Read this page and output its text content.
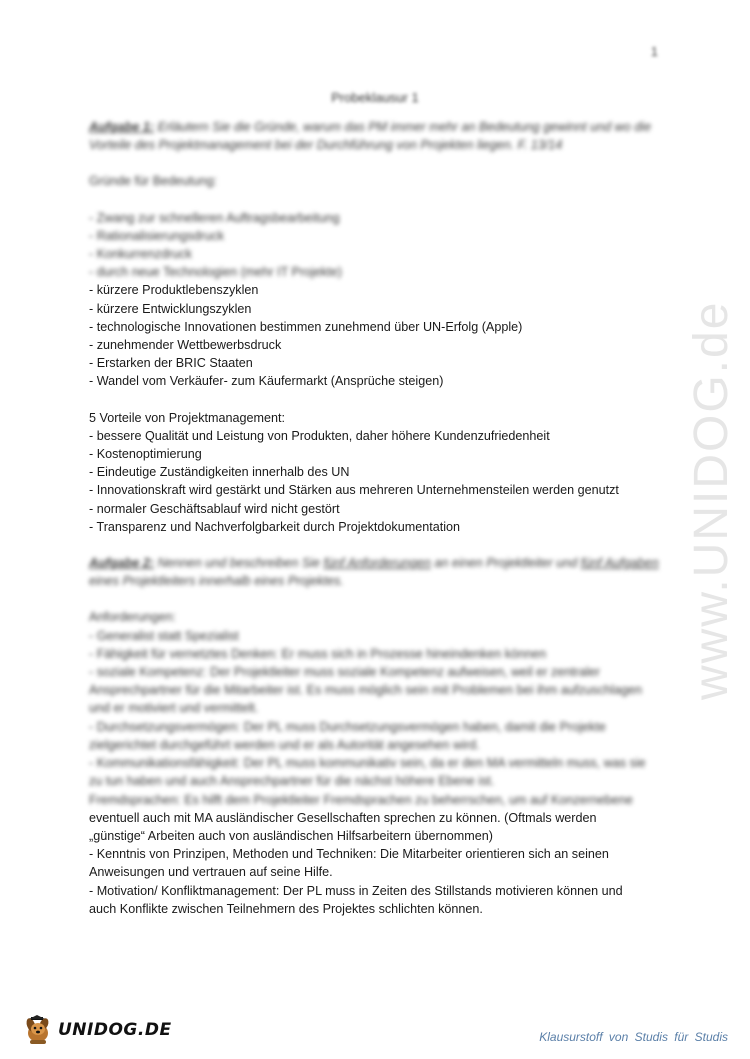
1
Probeklausur 1

Aufgabe 1: Erläutern Sie die Gründe, warum das PM immer mehr an Bedeutung gewinnt und wo die

Vorteile des Projektmanagement bei der Durchführung von Projekten liegen. F. 13/14

Gründe für Bedeutung:

- Zwang zur schnelleren Auftragsbearbeitung

- Rationalisierungsdruck

- Konkurrenzdruck

- durch neue Technologien (mehr IT Projekte)

- kürzere Produktlebenszyklen

- kürzere Entwicklungszyklen

- technologische Innovationen bestimmen zunehmend über UN-Erfolg (Apple)

- zunehmender Wettbewerbsdruck

- Erstarken der BRIC Staaten

- Wandel vom Verkäufer- zum Käufermarkt (Ansprüche steigen)

5 Vorteile von Projektmanagement:

- bessere Qualität und Leistung von Produkten, daher höhere Kundenzufriedenheit

- Kostenoptimierung

- Eindeutige Zuständigkeiten innerhalb des UN

- Innovationskraft wird gestärkt und Stärken aus mehreren Unternehmensteilen werden genutzt

- normaler Geschäftsablauf wird nicht gestört

- Transparenz und Nachverfolgbarkeit durch Projektdokumentation

Aufgabe 2: Nennen und beschreiben Sie fünf Anforderungen an einen Projektleiter und fünf Aufgaben

eines Projektleiters innerhalb eines Projektes.

Anforderungen:

- Generalist statt Spezialist

- Fähigkeit für vernetztes Denken: Er muss sich in Prozesse hineindenken können

- soziale Kompetenz: Der Projektleiter muss soziale Kompetenz aufweisen, weil er zentraler

Ansprechpartner für die Mitarbeiter ist. Es muss möglich sein mit Problemen bei ihm aufzuschlagen

und er motiviert und vermittelt.

- Durchsetzungsvermögen: Der PL muss Durchsetzungsvermögen haben, damit die Projekte

zielgerichtet durchgeführt werden und er als Autorität angesehen wird.

- Kommunikationsfähigkeit: Der PL muss kommunikativ sein, da er den MA vermitteln muss, was sie

zu tun haben und auch Ansprechpartner für die nächst höhere Ebene ist.

Fremdsprachen: Es hilft dem Projektleiter Fremdsprachen zu beherrschen, um auf Konzernebene

eventuell auch mit MA ausländischer Gesellschaften sprechen zu können. (Oftmals werden

„günstige“ Arbeiten auch von ausländischen Hilfsarbeitern übernommen)

- Kenntnis von Prinzipen, Methoden und Techniken: Die Mitarbeiter orientieren sich an seinen

Anweisungen und vertrauen auf seine Hilfe.

- Motivation/ Konfliktmanagement: Der PL muss in Zeiten des Stillstands motivieren können und

auch Konflikte zwischen Teilnehmern des Projektes schlichten können.

www.UNIDOG.de
UNIDOG.DE	Klausurstoff von Studis für Studis
